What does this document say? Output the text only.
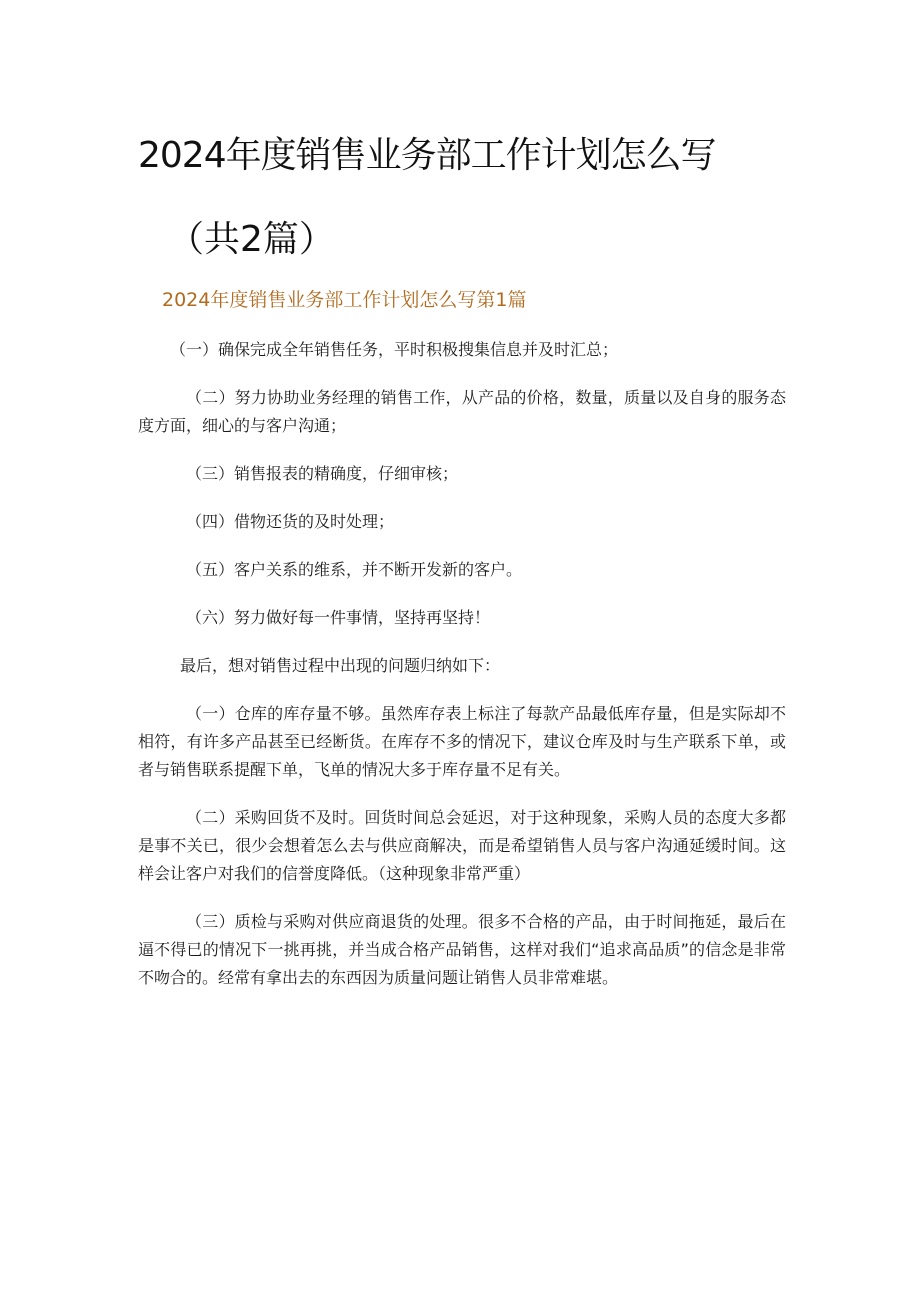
2024年度销售业务部工作计划怎么写
（共2篇）
2024年度销售业务部工作计划怎么写第1篇

（一）确保完成全年销售任务，平时积极搜集信息并及时汇总；

（二）努力协助业务经理的销售工作，从产品的价格，数量，质量以及自身的服务态度方面，细心的与客户沟通；

（三）销售报表的精确度，仔细审核；

（四）借物还货的及时处理；

（五）客户关系的维系，并不断开发新的客户。

（六）努力做好每一件事情，坚持再坚持！

最后，想对销售过程中出现的问题归纳如下：

（一）仓库的库存量不够。虽然库存表上标注了每款产品最低库存量，但是实际却不相符，有许多产品甚至已经断货。在库存不多的情况下，建议仓库及时与生产联系下单，或者与销售联系提醒下单，飞单的情况大多于库存量不足有关。

（二）采购回货不及时。回货时间总会延迟，对于这种现象，采购人员的态度大多都是事不关已，很少会想着怎么去与供应商解决，而是希望销售人员与客户沟通延缓时间。这样会让客户对我们的信誉度降低。（这种现象非常严重）

（三）质检与采购对供应商退货的处理。很多不合格的产品，由于时间拖延，最后在逼不得已的情况下一挑再挑，并当成合格产品销售，这样对我们“追求高品质”的信念是非常不吻合的。经常有拿出去的东西因为质量问题让销售人员非常难堪。
